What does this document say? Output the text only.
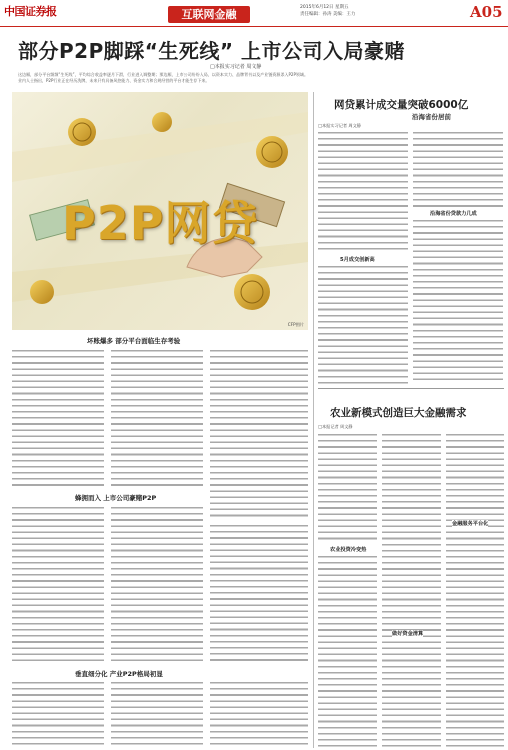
中国证券报	互联网金融
2015年6月12日 星期五
责任编辑：孙涛 美编：王力	A05
部分P2P脚踩“生死线” 上市公司入局豪赌
□本报实习记者 周文静
这边厢，部分平台频频“生死线”，平均综合收益率逐月下滑，行业进入调整期；那边厢，上市公司纷纷入局，以资本实力、品牌背书以及产业链资源杀入P2P领域。业内人士指出，P2P行业正在经历洗牌，未来只有具备风控能力、资金实力和合规经营的平台才能生存下来。
P2P网贷
CFP图片
坏账爆多 部分平台面临生存考验
蜂拥而入 上市公司豪赌P2P
垂直细分化 产业P2P格局初显
网贷累计成交量突破6000亿
沿海省份居前
□本报实习记者 周文静
5月成交创新高
沿海省份贷款力几成
农业新模式创造巨大金融需求
□本报记者 周文静
农业投资冷变热
做好资金清算
金融服务平台化
